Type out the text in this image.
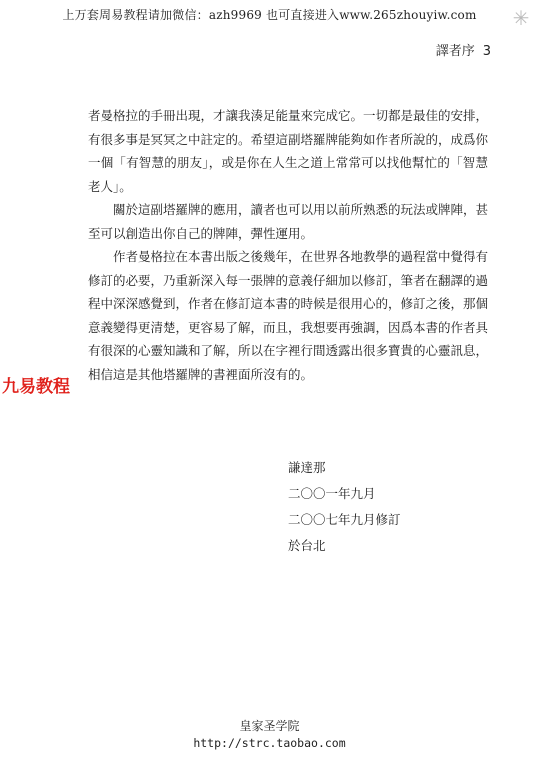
上万套周易教程请加微信：azh9969 也可直接进入www.265zhouyiw.com	✳
譯者序 3

者曼格拉的手冊出現，才讓我湊足能量來完成它。一切都是最佳的安排，有很多事是冥冥之中註定的。希望這副塔羅牌能夠如作者所說的，成爲你一個「有智慧的朋友」，或是你在人生之道上常常可以找他幫忙的「智慧老人」。

關於這副塔羅牌的應用，讀者也可以用以前所熟悉的玩法或牌陣，甚至可以創造出你自己的牌陣，彈性運用。

作者曼格拉在本書出版之後幾年，在世界各地教學的過程當中覺得有修訂的必要，乃重新深入每一張牌的意義仔細加以修訂，筆者在翻譯的過程中深深感覺到，作者在修訂這本書的時候是很用心的，修訂之後，那個意義變得更清楚，更容易了解，而且，我想要再強調，因爲本書的作者具有很深的心靈知識和了解，所以在字裡行間透露出很多寶貴的心靈訊息，相信這是其他塔羅牌的書裡面所沒有的。

九易教程
謙達那
二〇〇一年九月
二〇〇七年九月修訂
於台北
皇家圣学院
http://strc.taobao.com
